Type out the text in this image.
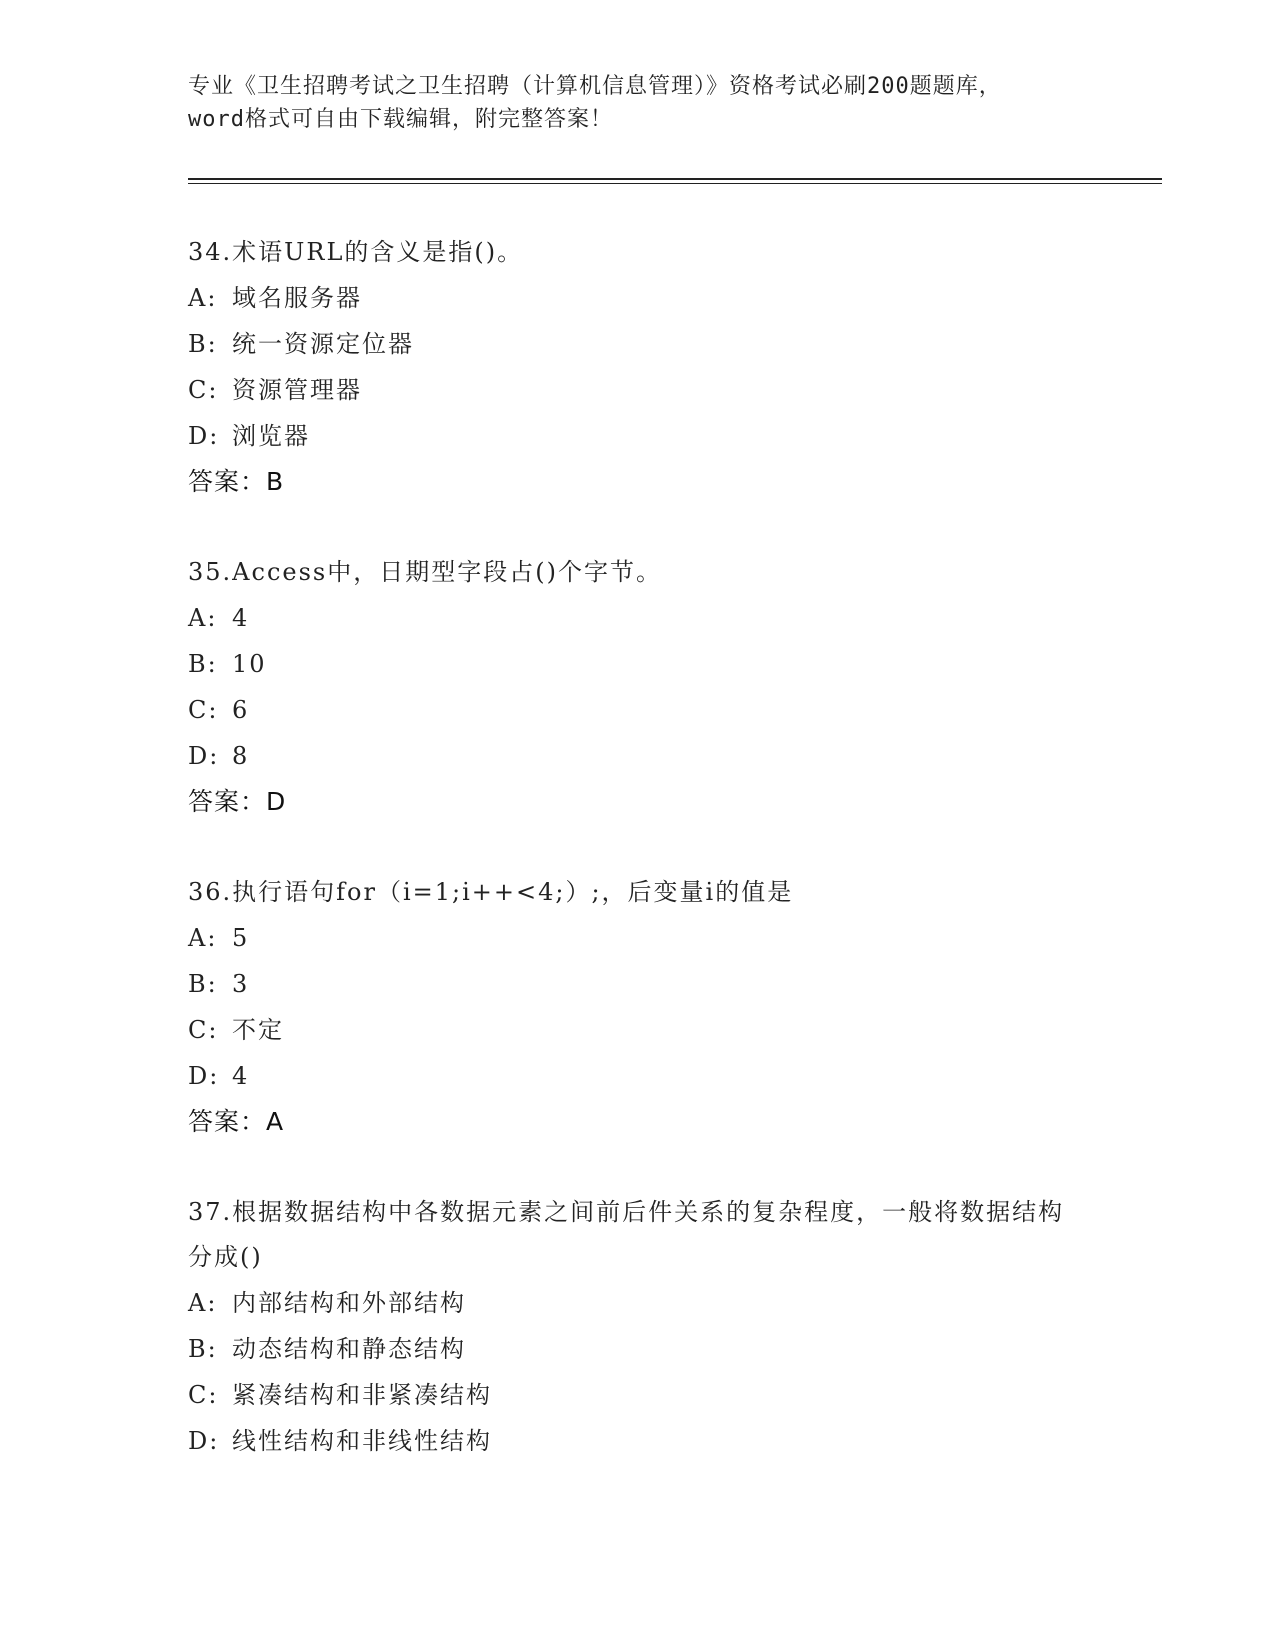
专业《卫生招聘考试之卫生招聘（计算机信息管理）》资格考试必刷200题题库，
word格式可自由下载编辑，附完整答案！
34.术语URL的含义是指()。
A: 域名服务器
B: 统一资源定位器
C: 资源管理器
D: 浏览器
答案：B
35.Access中，日期型字段占()个字节。
A: 4
B: 10
C: 6
D: 8
答案：D
36.执行语句for（i=1;i++<4;）;，后变量i的值是
A: 5
B: 3
C: 不定
D: 4
答案：A
37.根据数据结构中各数据元素之间前后件关系的复杂程度，一般将数据结构分成()
A: 内部结构和外部结构
B: 动态结构和静态结构
C: 紧凑结构和非紧凑结构
D: 线性结构和非线性结构
